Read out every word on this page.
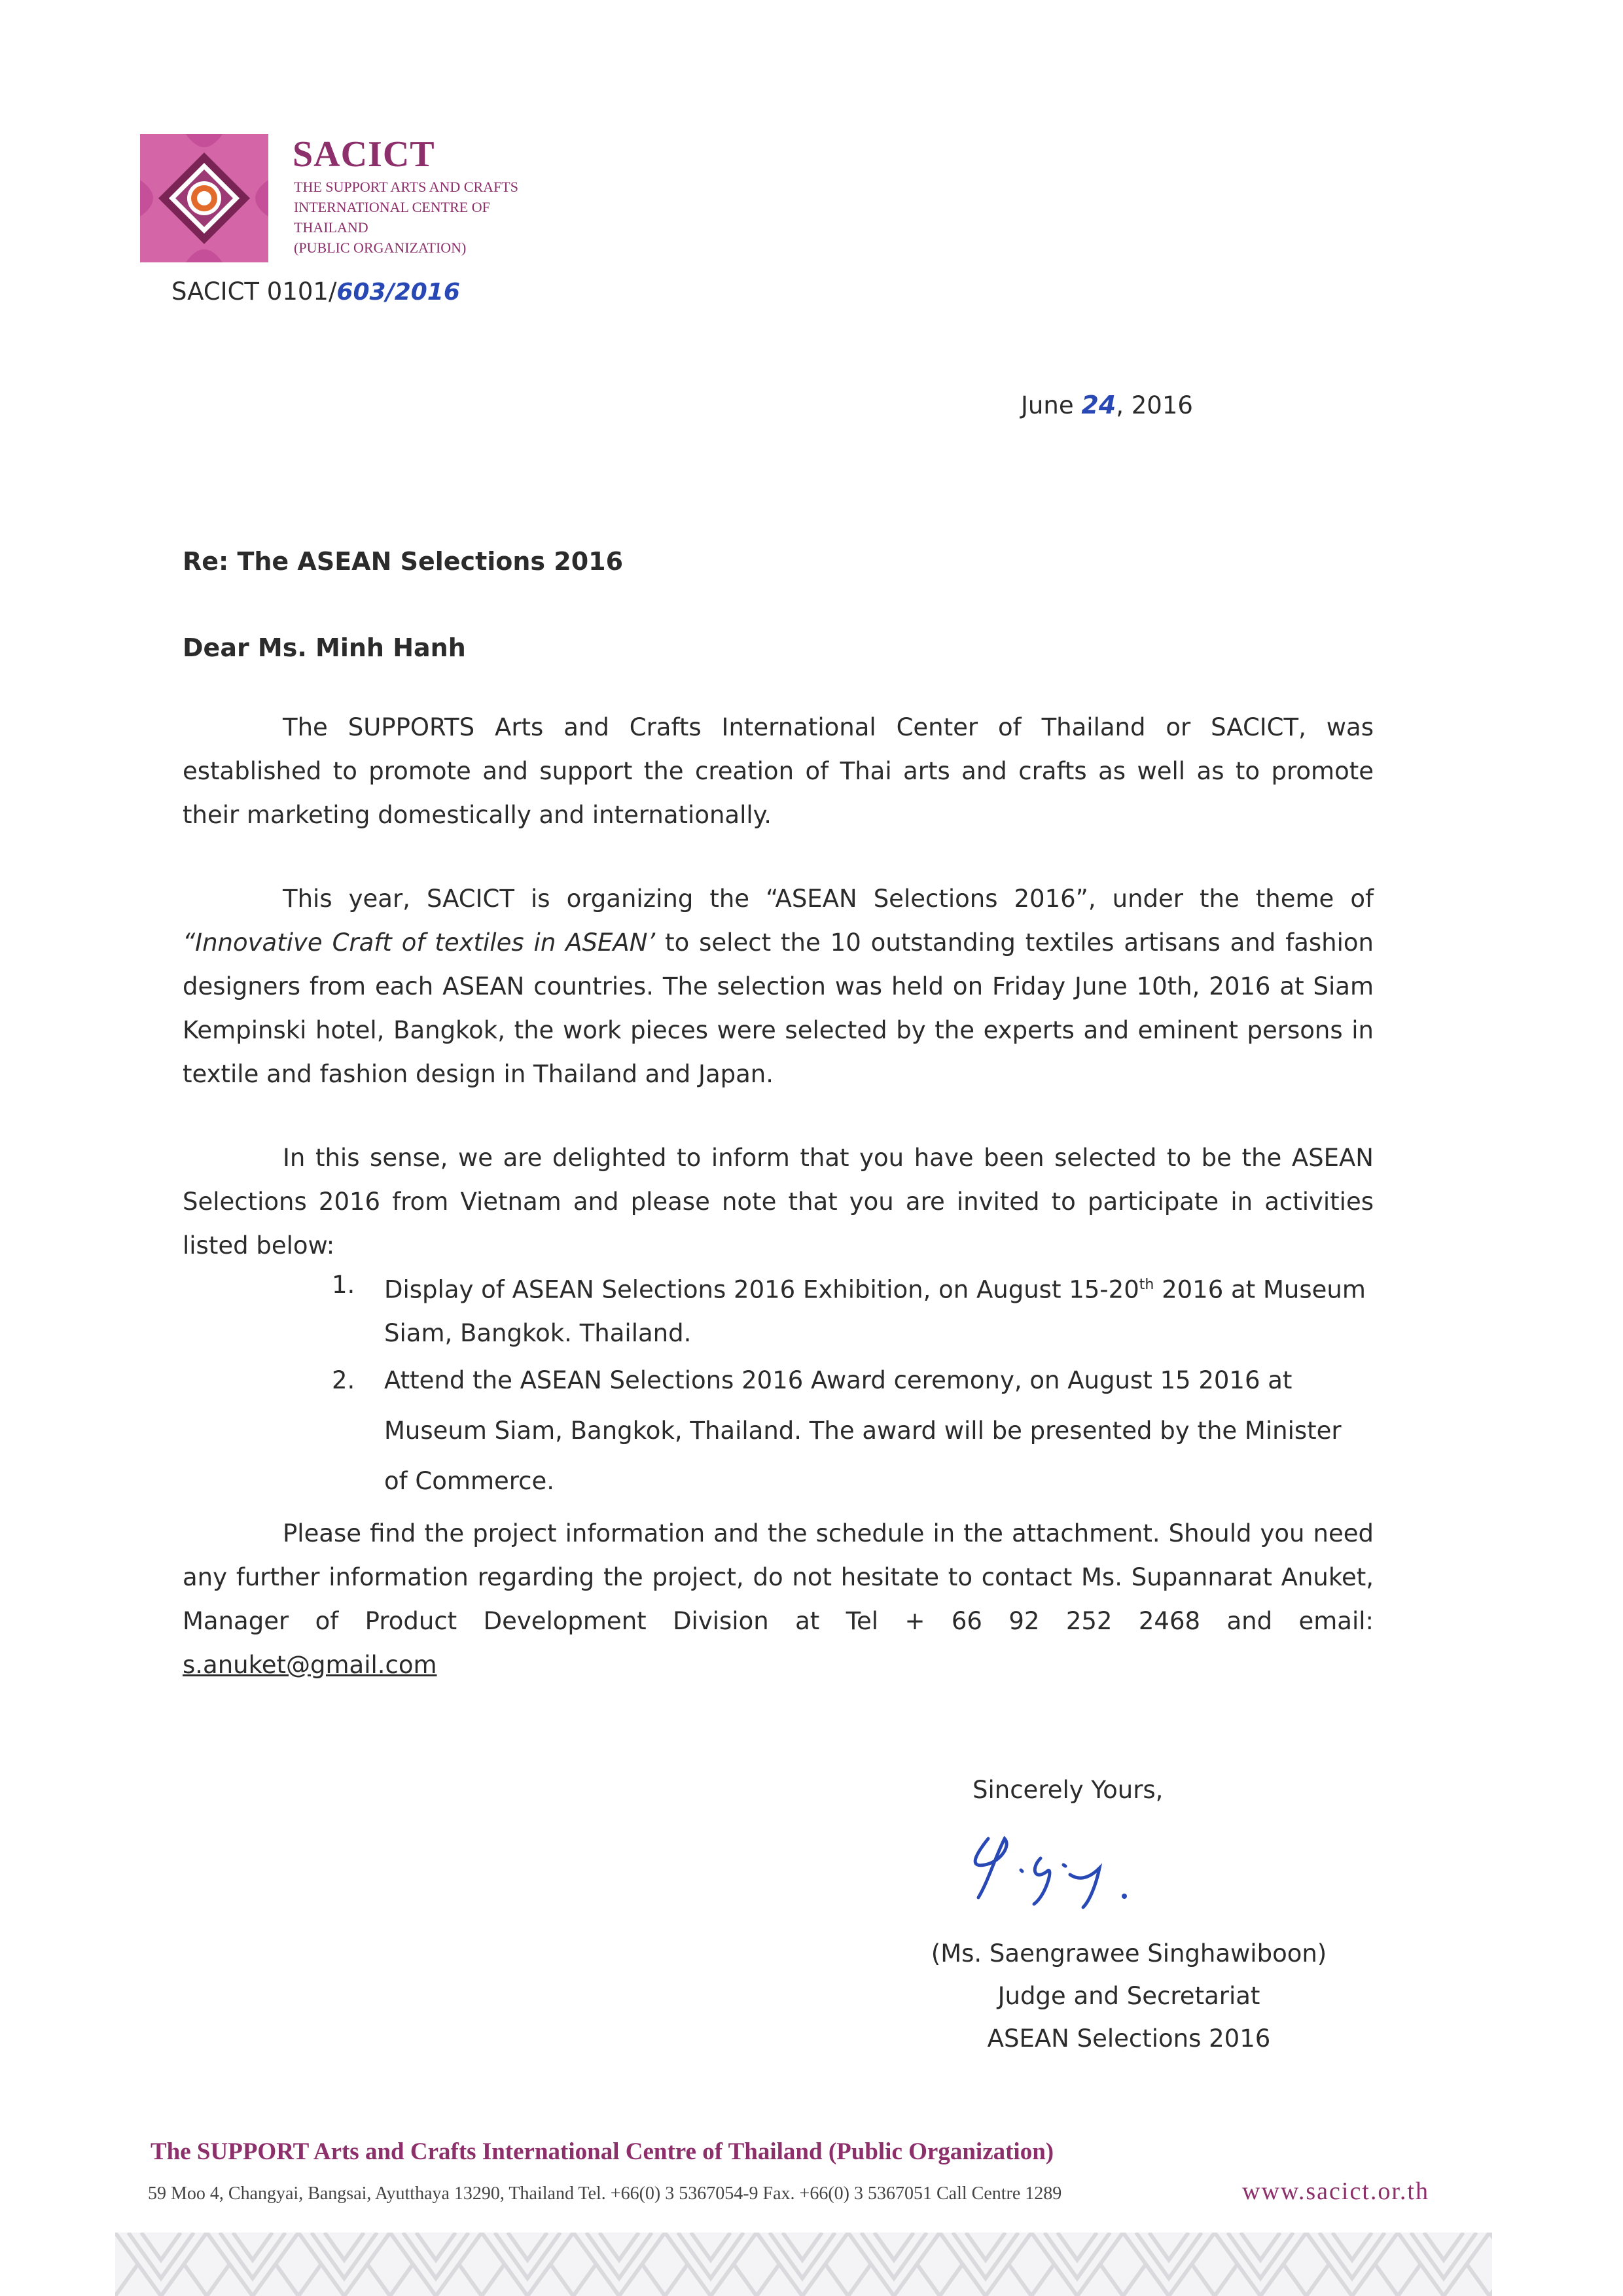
SACICT
THE SUPPORT ARTS AND CRAFTS
INTERNATIONAL CENTRE OF
THAILAND
(PUBLIC ORGANIZATION)
SACICT 0101/603/2016
June 24, 2016
Re: The ASEAN Selections 2016
Dear Ms. Minh Hanh
The SUPPORTS Arts and Crafts International Center of Thailand or SACICT, was established to promote and support the creation of Thai arts and crafts as well as to promote their marketing domestically and internationally.
This year, SACICT is organizing the “ASEAN Selections 2016”, under the theme of “Innovative Craft of textiles in ASEAN’ to select the 10 outstanding textiles artisans and fashion designers from each ASEAN countries. The selection was held on Friday June 10th, 2016 at Siam Kempinski hotel, Bangkok, the work pieces were selected by the experts and eminent persons in textile and fashion design in Thailand and Japan.
In this sense, we are delighted to inform that you have been selected to be the ASEAN Selections 2016 from Vietnam and please note that you are invited to participate in activities listed below:
1. Display of ASEAN Selections 2016 Exhibition, on August 15-20th 2016 at Museum Siam, Bangkok. Thailand.
2. Attend the ASEAN Selections 2016 Award ceremony, on August 15 2016 at Museum Siam, Bangkok, Thailand. The award will be presented by the Minister of Commerce.
Please find the project information and the schedule in the attachment. Should you need any further information regarding the project, do not hesitate to contact Ms. Supannarat Anuket, Manager of Product Development Division at Tel + 66 92 252 2468 and email: s.anuket@gmail.com
Sincerely Yours,
(Ms. Saengrawee Singhawiboon)
Judge and Secretariat
ASEAN Selections 2016
The SUPPORT Arts and Crafts International Centre of Thailand (Public Organization)
59 Moo 4, Changyai, Bangsai, Ayutthaya 13290, Thailand Tel. +66(0) 3 5367054-9 Fax. +66(0) 3 5367051 Call Centre 1289	www.sacict.or.th
